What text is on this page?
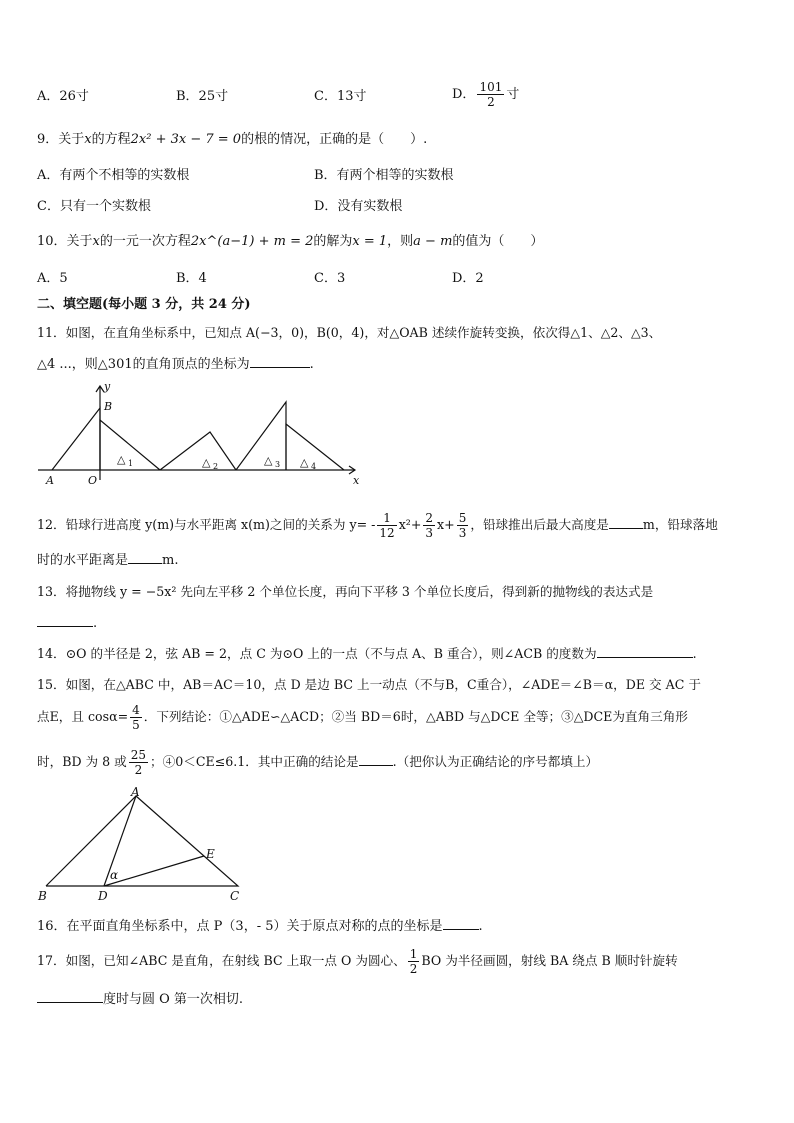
A．26寸	B．25寸	C．13寸	D． $\frac{101}{2}$ 寸
9．关于x的方程2x² + 3x − 7 = 0的根的情况，正确的是（　　）.
A．有两个不相等的实数根	B．有两个相等的实数根
C．只有一个实数根	D．没有实数根
10．关于x的一元一次方程2x^(a−1) + m = 2的解为x = 1，则a − m的值为（　　）
A．5	B．4	C．3	D．2
二、填空题(每小题 3 分，共 24 分)
11．如图，在直角坐标系中，已知点 A(−3，0)，B(0，4)，对△OAB 述续作旋转变换，依次得△1、△2、△3、
△4 ...，则△301的直角顶点的坐标为	.
y
x
B
A	O
△ 1	△ 2	△ 3 △ 4
12．铅球行进高度 y(m)与水平距离 x(m)之间的关系为 $y= - \frac{1}{12} x^2+ \frac{2}{3} x+ \frac{5}{3}$ ，铅球推出后最大高度是	m，铅球落地
时的水平距离是	m.
13．将抛物线 y = −5x² 先向左平移 2 个单位长度，再向下平移 3 个单位长度后，得到新的抛物线的表达式是
.
14．⊙O 的半径是 2，弦 AB = 2，点 C 为⊙O 上的一点（不与点 A、B 重合），则∠ACB 的度数为	.
15．如图，在△ABC 中，AB＝AC＝10，点 D 是边 BC 上一动点（不与B，C重合），∠ADE＝∠B＝α，DE 交 AC 于
点E，且 $\cos\alpha= \frac{4}{5}$ ．下列结论：①△ADE∽△ACD；②当 BD＝6时，△ABD 与△DCE 全等；③△DCE为直角三角形
时，BD 为 8 或 $\frac{25}{2}$ ；④0＜CE≤6.1．其中正确的结论是	.（把你认为正确结论的序号都填上）
A
B	C
D
E
α
16．在平面直角坐标系中，点 P（3，- 5）关于原点对称的点的坐标是	.
17．如图，已知∠ABC 是直角，在射线 BC 上取一点 O 为圆心、 $\frac{1}{2}$ BO 为半径画圆，射线 BA 绕点 B 顺时针旋转
度时与圆 O 第一次相切.
